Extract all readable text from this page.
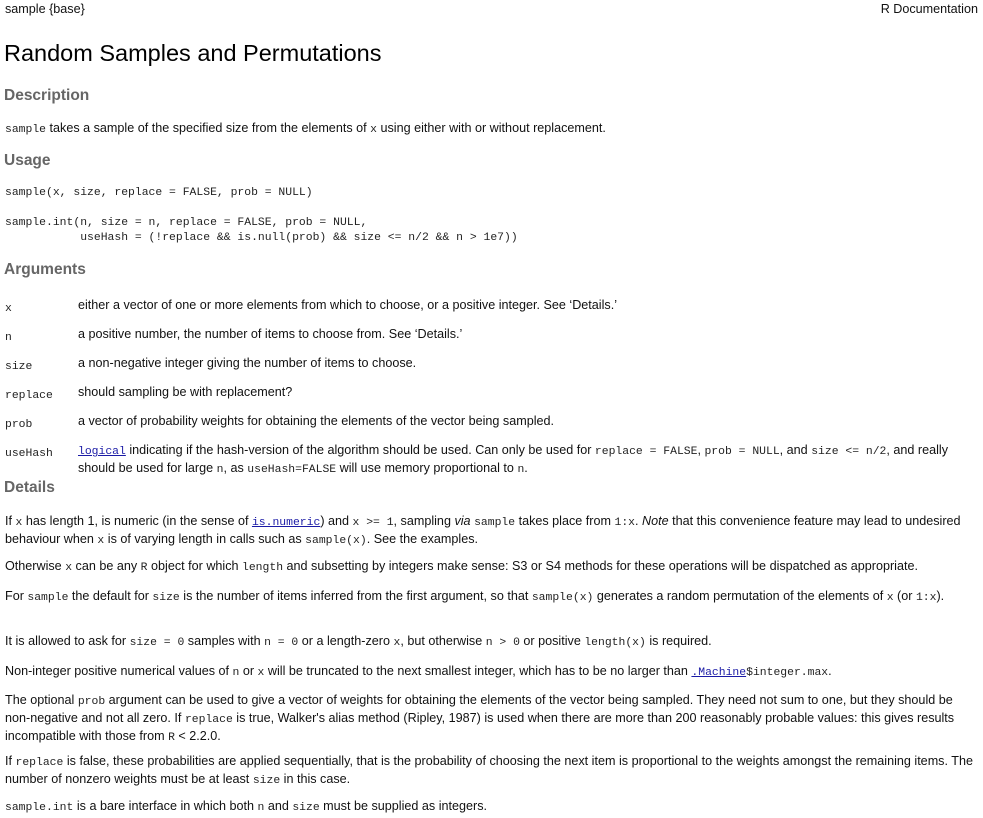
sample {base}	R Documentation
Random Samples and Permutations
Description

sample takes a sample of the specified size from the elements of x using either with or without replacement.

Usage
sample(x, size, replace = FALSE, prob = NULL)
sample.int(n, size = n, replace = FALSE, prob = NULL,
useHash = (!replace && is.null(prob) && size <= n/2 && n > 1e7))
Arguments
x	either a vector of one or more elements from which to choose, or a positive integer. See ‘Details.’
n	a positive number, the number of items to choose from. See ‘Details.’
size	a non-negative integer giving the number of items to choose.
replace	should sampling be with replacement?
prob	a vector of probability weights for obtaining the elements of the vector being sampled.
useHash	logical indicating if the hash-version of the algorithm should be used. Can only be used for replace = FALSE, prob = NULL, and size <= n/2, and really should be used for large n, as useHash=FALSE will use memory proportional to n.
Details

If x has length 1, is numeric (in the sense of is.numeric) and x >= 1, sampling via sample takes place from 1:x. Note that this convenience feature may lead to undesired behaviour when x is of varying length in calls such as sample(x). See the examples.

Otherwise x can be any R object for which length and subsetting by integers make sense: S3 or S4 methods for these operations will be dispatched as appropriate.

For sample the default for size is the number of items inferred from the first argument, so that sample(x) generates a random permutation of the elements of x (or 1:x).

It is allowed to ask for size = 0 samples with n = 0 or a length-zero x, but otherwise n > 0 or positive length(x) is required.

Non-integer positive numerical values of n or x will be truncated to the next smallest integer, which has to be no larger than .Machine$integer.max.

The optional prob argument can be used to give a vector of weights for obtaining the elements of the vector being sampled. They need not sum to one, but they should be non-negative and not all zero. If replace is true, Walker's alias method (Ripley, 1987) is used when there are more than 200 reasonably probable values: this gives results incompatible with those from R < 2.2.0.

If replace is false, these probabilities are applied sequentially, that is the probability of choosing the next item is proportional to the weights amongst the remaining items. The number of nonzero weights must be at least size in this case.

sample.int is a bare interface in which both n and size must be supplied as integers.
